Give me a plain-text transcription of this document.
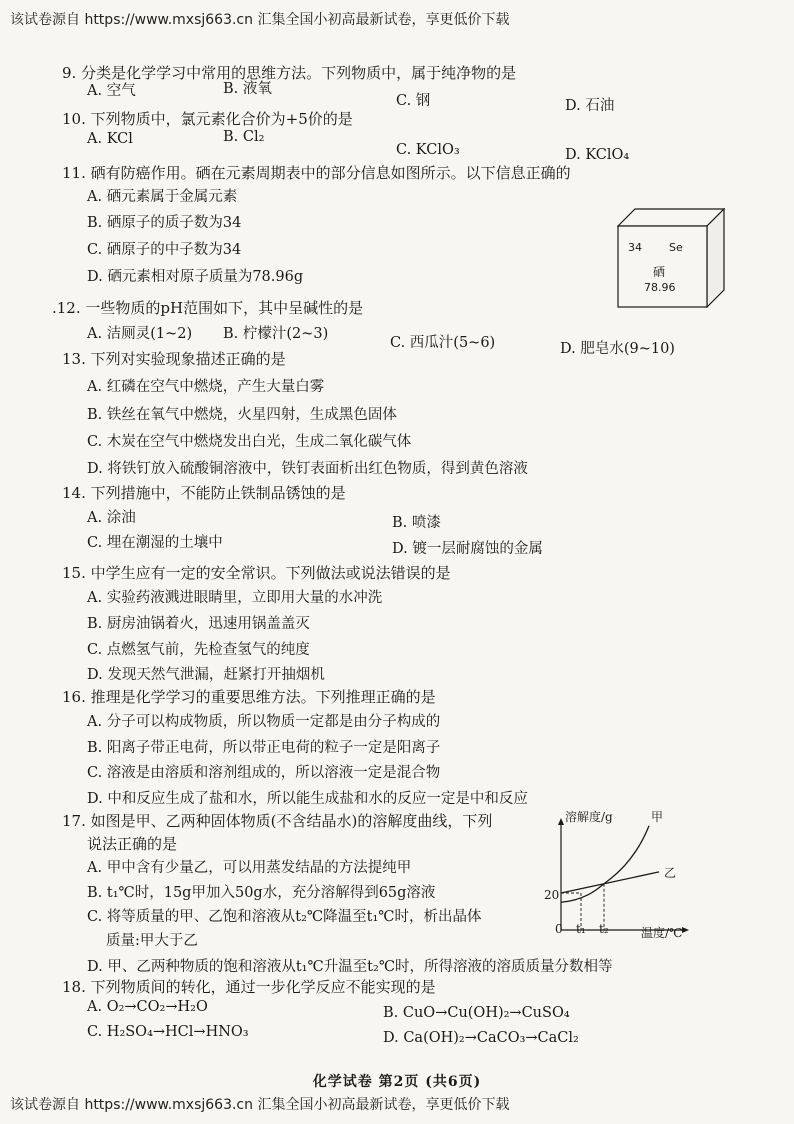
该试卷源自 https://www.mxsj663.cn 汇集全国小初高最新试卷，享更低价下载
9. 分类是化学学习中常用的思维方法。下列物质中，属于纯净物的是
A. 空气	B. 液氧
C. 钢	D. 石油
10. 下列物质中，氯元素化合价为+5价的是
A. KCl	B. Cl₂
C. KClO₃	D. KClO₄
11. 硒有防癌作用。硒在元素周期表中的部分信息如图所示。以下信息正确的
A. 硒元素属于金属元素
B. 硒原子的质子数为34
C. 硒原子的中子数为34
D. 硒元素相对原子质量为78.96g
34 Se
硒
78.96
.12. 一些物质的pH范围如下，其中呈碱性的是
A. 洁厕灵(1~2) B. 柠檬汁(2~3)
C. 西瓜汁(5~6)	D. 肥皂水(9~10)
13. 下列对实验现象描述正确的是
A. 红磷在空气中燃烧，产生大量白雾
B. 铁丝在氧气中燃烧，火星四射，生成黑色固体
C. 木炭在空气中燃烧发出白光，生成二氧化碳气体
D. 将铁钉放入硫酸铜溶液中，铁钉表面析出红色物质，得到黄色溶液
14. 下列措施中，不能防止铁制品锈蚀的是
A. 涂油	B. 喷漆
C. 埋在潮湿的土壤中	D. 镀一层耐腐蚀的金属
15. 中学生应有一定的安全常识。下列做法或说法错误的是
A. 实验药液溅进眼睛里，立即用大量的水冲洗
B. 厨房油锅着火，迅速用锅盖盖灭
C. 点燃氢气前，先检查氢气的纯度
D. 发现天然气泄漏，赶紧打开抽烟机
16. 推理是化学学习的重要思维方法。下列推理正确的是
A. 分子可以构成物质，所以物质一定都是由分子构成的
B. 阳离子带正电荷，所以带正电荷的粒子一定是阳离子
C. 溶液是由溶质和溶剂组成的，所以溶液一定是混合物
D. 中和反应生成了盐和水，所以能生成盐和水的反应一定是中和反应
17. 如图是甲、乙两种固体物质(不含结晶水)的溶解度曲线，下列
说法正确的是
A. 甲中含有少量乙，可以用蒸发结晶的方法提纯甲
B. t₁℃时，15g甲加入50g水，充分溶解得到65g溶液
C. 将等质量的甲、乙饱和溶液从t₂℃降温至t₁℃时，析出晶体
质量:甲大于乙
D. 甲、乙两种物质的饱和溶液从t₁℃升温至t₂℃时，所得溶液的溶质质量分数相等
溶解度/g	甲
乙
20
0 t₁ t₂	温度/℃
18. 下列物质间的转化，通过一步化学反应不能实现的是
A. O₂→CO₂→H₂O	B. CuO→Cu(OH)₂→CuSO₄
C. H₂SO₄→HCl→HNO₃	D. Ca(OH)₂→CaCO₃→CaCl₂
化学试卷 第2页 (共6页)
该试卷源自 https://www.mxsj663.cn 汇集全国小初高最新试卷，享更低价下载
